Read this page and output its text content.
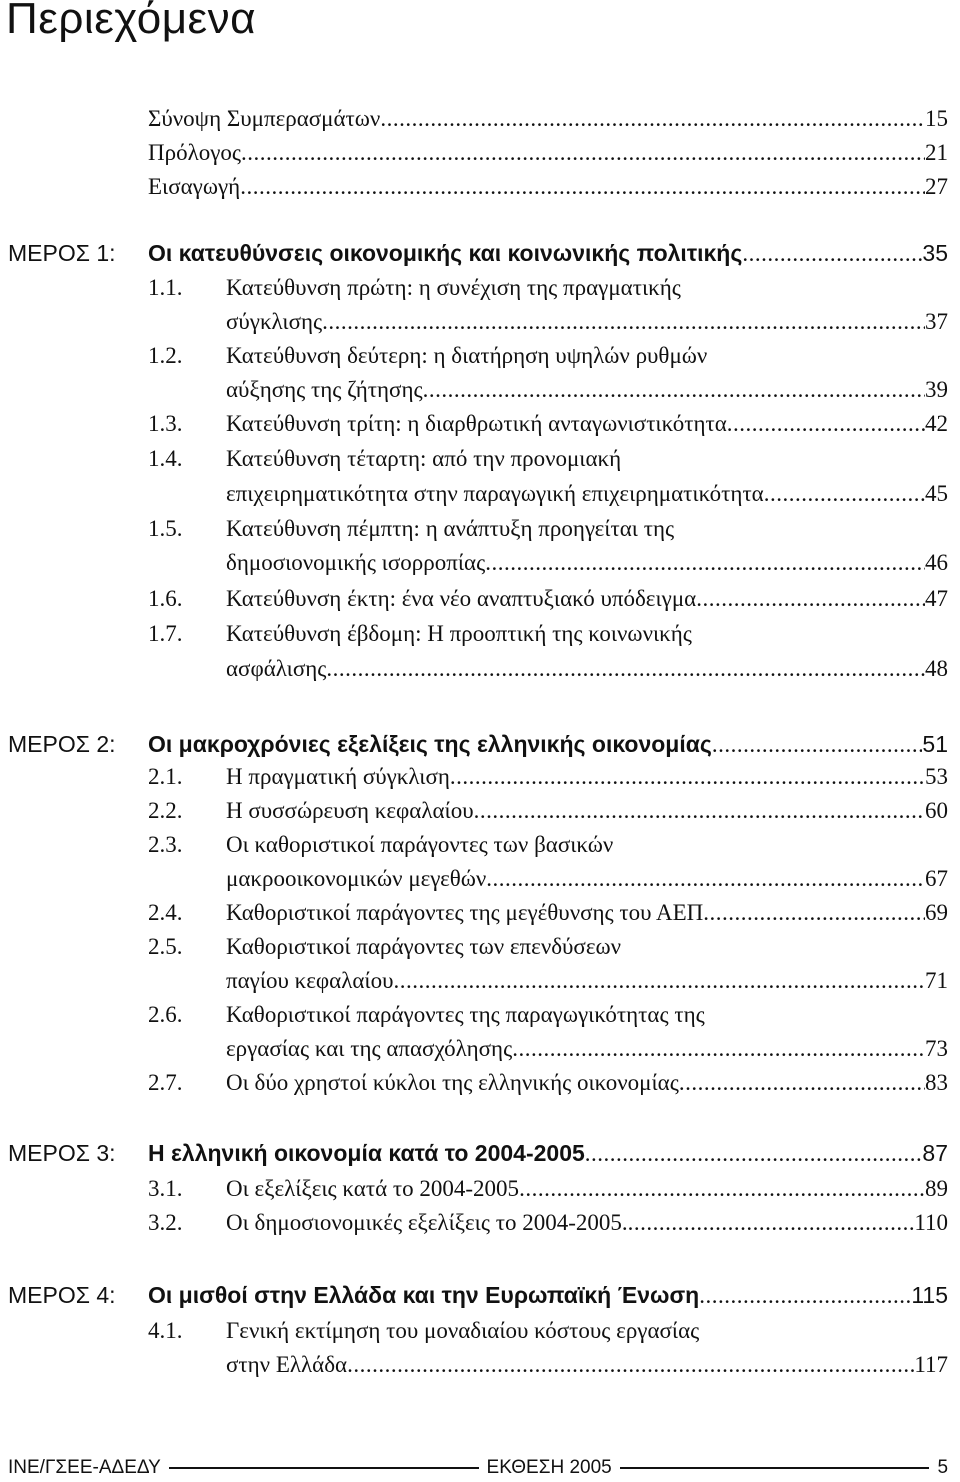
Περιεχόμενα
Σύνοψη Συμπερασμάτων .....	15
Πρόλογος .....	21
Εισαγωγή .....	27
ΜΕΡΟΣ 1: Οι κατευθύνσεις οικονομικής και κοινωνικής πολιτικής .....	35
1.1. Κατεύθυνση πρώτη: η συνέχιση της πραγματικής
σύγκλισης .....	37
1.2. Κατεύθυνση δεύτερη: η διατήρηση υψηλών ρυθμών
αύξησης της ζήτησης .....	39
1.3. Κατεύθυνση τρίτη: η διαρθρωτική ανταγωνιστικότητα .....	42
1.4. Κατεύθυνση τέταρτη: από την προνομιακή
επιχειρηματικότητα στην παραγωγική επιχειρηματικότητα .....	45
1.5. Κατεύθυνση πέμπτη: η ανάπτυξη προηγείται της
δημοσιονομικής ισορροπίας .....	46
1.6. Κατεύθυνση έκτη: ένα νέο αναπτυξιακό υπόδειγμα .....	47
1.7. Κατεύθυνση έβδομη: Η προοπτική της κοινωνικής
ασφάλισης .....	48
ΜΕΡΟΣ 2: Οι μακροχρόνιες εξελίξεις της ελληνικής οικονομίας .....	51
2.1. Η πραγματική σύγκλιση .....	53
2.2. Η συσσώρευση κεφαλαίου .....	60
2.3. Οι καθοριστικοί παράγοντες των βασικών
μακροοικονομικών μεγεθών .....	67
2.4. Καθοριστικοί παράγοντες της μεγέθυνσης του ΑΕΠ .....	69
2.5. Καθοριστικοί παράγοντες των επενδύσεων
παγίου κεφαλαίου .....	71
2.6. Καθοριστικοί παράγοντες της παραγωγικότητας της
εργασίας και της απασχόλησης .....	73
2.7. Οι δύο χρηστοί κύκλοι της ελληνικής οικονομίας .....	83
ΜΕΡΟΣ 3: Η ελληνική οικονομία κατά το 2004-2005 .....	87
3.1. Οι εξελίξεις κατά το 2004-2005 .....	89
3.2. Οι δημοσιονομικές εξελίξεις το 2004-2005. .....	110
ΜΕΡΟΣ 4: Οι μισθοί στην Ελλάδα και την Ευρωπαϊκή Ένωση .....	115
4.1. Γενική εκτίμηση του μοναδιαίου κόστους εργασίας
στην Ελλάδα .....	117
ΙΝΕ/ΓΣΕΕ-ΑΔΕΔΥ	ΕΚΘΕΣΗ 2005	5
